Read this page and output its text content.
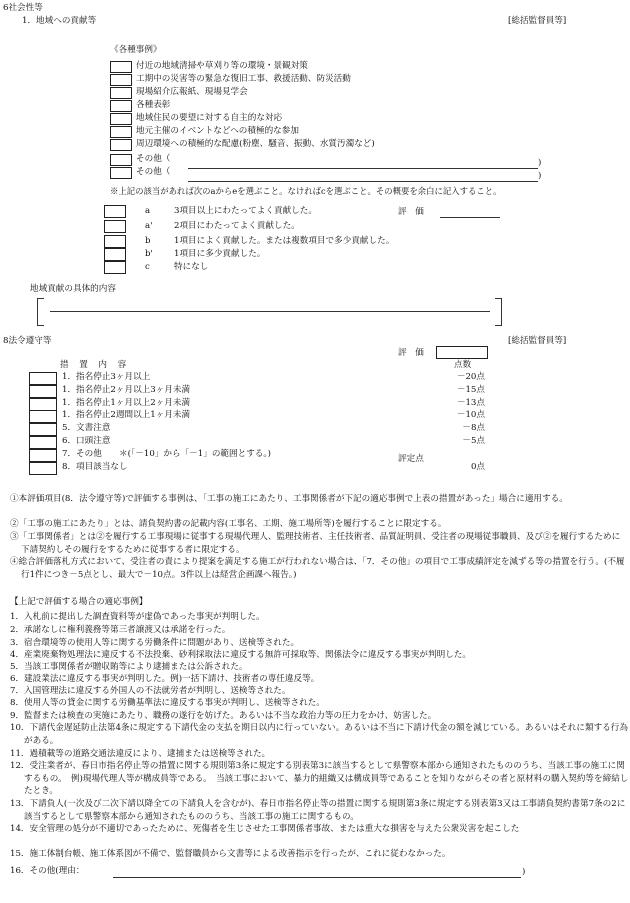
6社会性等
1．地域への貢献等	[総括監督員等]
《各種事例》
付近の地域清掃や草刈り等の環境・景観対策
工期中の災害等の緊急な復旧工事、救援活動、防災活動
現場紹介広報紙、現場見学会
各種表彰
地域住民の要望に対する自主的な対応
地元主催のイベントなどへの積極的な参加
周辺環境への積極的な配慮(粉塵、騒音、振動、水質汚濁など)
その他（
その他（
)
)
※上記の該当があれば次のaからeを選ぶこと。なければcを選ぶこと。その概要を余白に記入すること。
a	3項目以上にわたってよく貢献した。
a'	2項目にわたってよく貢献した。
b	1項目によく貢献した。または複数項目で多少貢献した。
b' 1項目に多少貢献した。
c	特になし
評　価
地域貢献の具体的内容
8法令遵守等	[総括監督員等]
評　価
措　置　内　容	点数
1．指名停止3ヶ月以上	－20点
1．指名停止2ヶ月以上3ヶ月未満	－15点
1．指名停止1ヶ月以上2ヶ月未満	－13点
1．指名停止2週間以上1ヶ月未満	－10点
5．文書注意	－8点
6．口頭注意	－5点
7．その他　　＊(「－10」から「－1」の範囲とする。)
8．項目該当なし	0点
評定点
①本評価項目(8．法令遵守等)で評価する事例は、「工事の施工にあたり、工事関係者が下記の適応事例で上表の措置があった」場合に適用する。
②「工事の施工にあたり」とは、請負契約書の記載内容(工事名、工期、施工場所等)を履行することに限定する。
③「工事関係者」とは②を履行する工事現場に従事する現場代理人、監理技術者、主任技術者、品質証明員、受注者の現場従事職員、及び②を履行するために下請契約しその履行をするために従事する者に限定する。
④総合評価落札方式において、受注者の責により提案を満足する施工が行われない場合は、「7．その他」の項目で工事成績評定を減ずる等の措置を行う。(不履行1件につき－5点とし、最大で－10点。3件以上は経営企画課へ報告。)
【上記で評価する場合の適応事例】
1．入札前に提出した調査資料等が虚偽であった事実が判明した。
2．承諾なしに権利義務等第三者譲渡又は承諾を行った。
3．宿舎環境等の使用人等に関する労働条件に問題があり、送検等された。
4．産業廃棄物処理法に違反する不法投棄、砂利採取法に違反する無許可採取等、関係法令に違反する事実が判明した。
5．当該工事関係者が贈収賄等により逮捕または公訴された。
6．建設業法に違反する事実が判明した。例)一括下請け、技術者の専任違反等。
7．入国管理法に違反する外国人の不法就労者が判明し、送検等された。
8．使用人等の貸金に関する労働基準法に違反する事実が判明し、送検等された。
9．監督または検査の実施にあたり、職務の遂行を妨げた。あるいは不当な政治力等の圧力をかけ、妨害した。
10．下請代金遅延防止法第4条に規定する下請代金の支払を期日以内に行っていない。あるいは不当に下請け代金の額を減じている。あるいはそれに類する行為がある。
11．過積載等の道路交通法違反により、逮捕または送検等された。
12．受注業者が、春日市指名停止等の措置に関する規則第3条に規定する別表第3に該当するとして県警察本部から通知されたもののうち、当該工事の施工に関するもの。　例)現場代理人等が構成員等である。　当該工事において、暴力的組織又は構成員等であることを知りながらその者と原材料の購入契約等を締結したとき。
13．下請負人(一次及び二次下請以降全ての下請負人を含むが)、春日市指名停止等の措置に関する規則第3条に規定する別表第3又は工事請負契約書第7条の2に該当するとして県警察本部から通知されたもののうち、当該工事の施工に関するもの。
14．安全管理の処分が不適切であったために、死傷者を生じさせた工事関係者事故、または重大な損害を与えた公衆災害を起こした
15．施工体制台帳、施工体系図が不備で、監督職員から文書等による改善指示を行ったが、これに従わなかった。
16．その他(理由：	)
